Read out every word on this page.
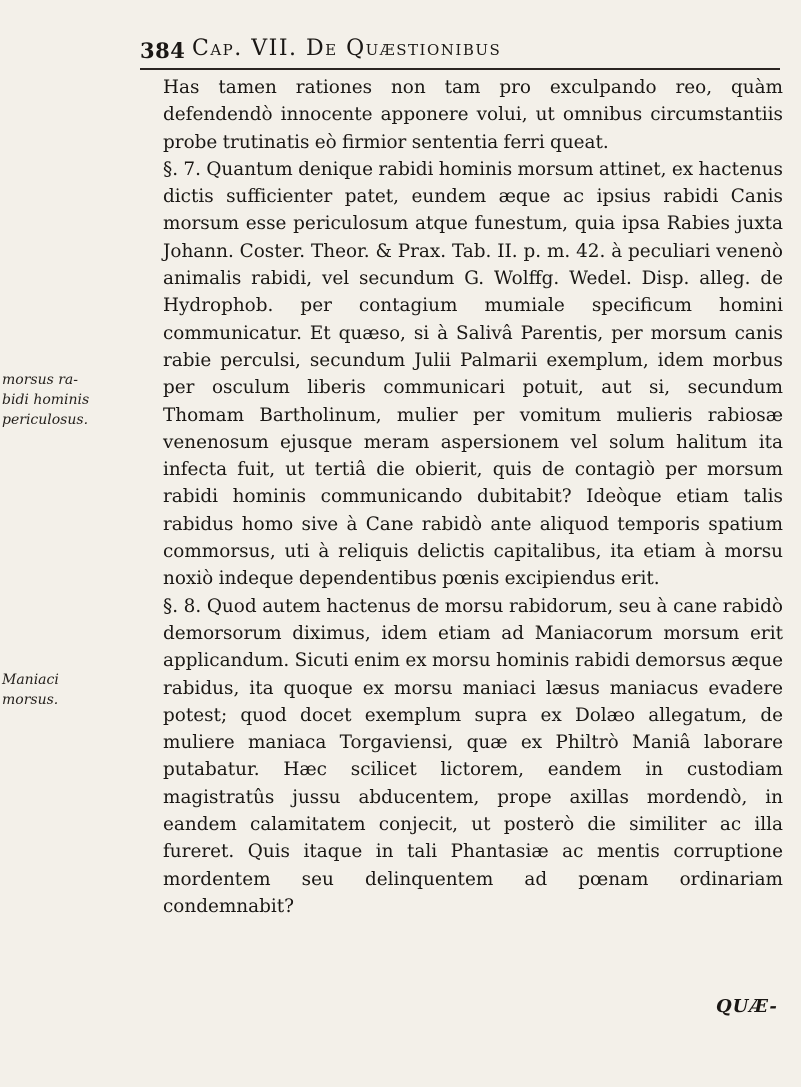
384 Cap. VII. De Quæstionibus
morsus ra-
bidi hominis
periculosus.
Maniaci
morsus.

Has tamen rationes non tam pro exculpando reo, quàm defendendò innocente apponere volui, ut omnibus circumstantiis probe trutinatis eò firmior sententia ferri queat.

§. 7. Quantum denique rabidi hominis morsum attinet, ex hactenus dictis sufficienter patet, eundem æque ac ipsius rabidi Canis morsum esse periculosum atque funestum, quia ipsa Rabies juxta Johann. Coster. Theor. & Prax. Tab. II. p. m. 42. à peculiari venenò animalis rabidi, vel secundum G. Wolffg. Wedel. Disp. alleg. de Hydrophob. per contagium mumiale specificum homini communicatur. Et quæso, si à Salivâ Parentis, per morsum canis rabie perculsi, secundum Julii Palmarii exemplum, idem morbus per osculum liberis communicari potuit, aut si, secundum Thomam Bartholinum, mulier per vomitum mulieris rabiosæ venenosum ejusque meram aspersionem vel solum halitum ita infecta fuit, ut tertiâ die obierit, quis de contagiò per morsum rabidi hominis communicando dubitabit? Ideòque etiam talis rabidus homo sive à Cane rabidò ante aliquod temporis spatium commorsus, uti à reliquis delictis capitalibus, ita etiam à morsu noxiò indeque dependentibus pœnis excipiendus erit.

§. 8. Quod autem hactenus de morsu rabidorum, seu à cane rabidò demorsorum diximus, idem etiam ad Maniacorum morsum erit applicandum. Sicuti enim ex morsu hominis rabidi demorsus æque rabidus, ita quoque ex morsu maniaci læsus maniacus evadere potest; quod docet exemplum supra ex Dolæo allegatum, de muliere maniaca Torgaviensi, quæ ex Philtrò Maniâ laborare putabatur. Hæc scilicet lictorem, eandem in custodiam magistratûs jussu abducentem, prope axillas mordendò, in eandem calamitatem conjecit, ut posterò die similiter ac illa fureret. Quis itaque in tali Phantasiæ ac mentis corruptione mordentem seu delinquentem ad pœnam ordinariam condemnabit?

QUÆ-
